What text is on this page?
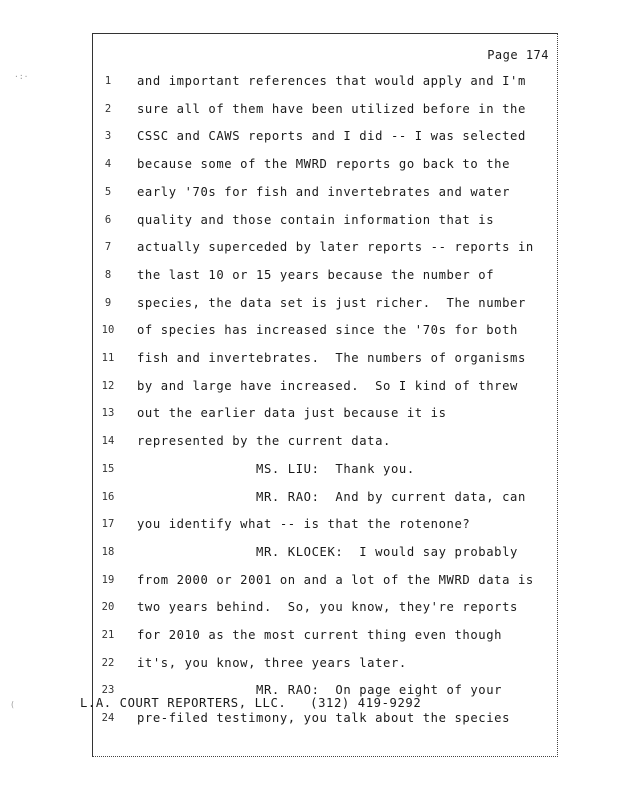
Page 174
1	and important references that would apply and I'm
2	sure all of them have been utilized before in the
3	CSSC and CAWS reports and I did -- I was selected
4	because some of the MWRD reports go back to the
5	early '70s for fish and invertebrates and water
6	quality and those contain information that is
7	actually superceded by later reports -- reports in
8	the last 10 or 15 years because the number of
9	species, the data set is just richer.  The number
10	of species has increased since the '70s for both
11	fish and invertebrates.  The numbers of organisms
12	by and large have increased.  So I kind of threw
13	out the earlier data just because it is
14	represented by the current data.
15	MS. LIU:  Thank you.
16	MR. RAO:  And by current data, can
17	you identify what -- is that the rotenone?
18	MR. KLOCEK:  I would say probably
19	from 2000 or 2001 on and a lot of the MWRD data is
20	two years behind.  So, you know, they're reports
21	for 2010 as the most current thing even though
22	it's, you know, three years later.
23	MR. RAO:  On page eight of your
24	pre-filed testimony, you talk about the species
L.A. COURT REPORTERS, LLC.   (312) 419-9292
·:·
(
